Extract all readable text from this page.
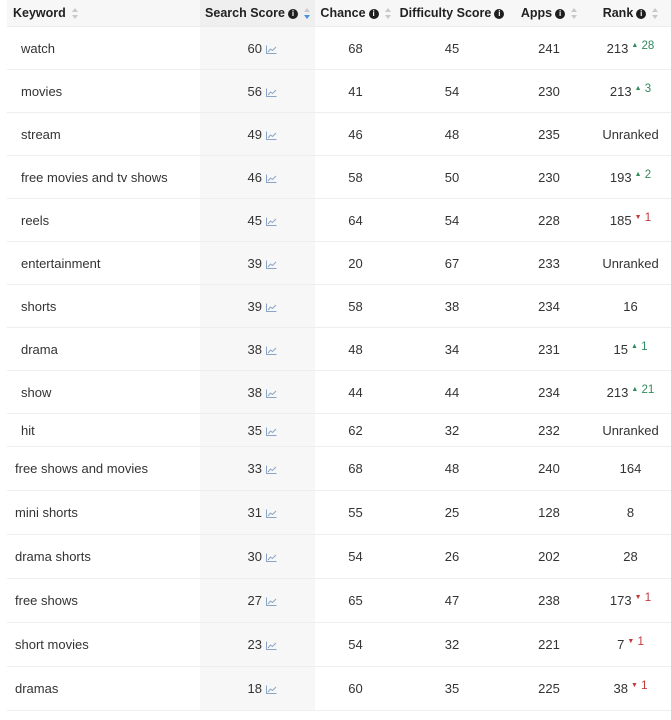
Keyword	Search Score i	Chance i	Difficulty Score i	Apps i	Rank i
watch	60	68	45	241	213 ▲ 28
movies	56	41	54	230	213 ▲ 3
stream	49	46	48	235	Unranked
free movies and tv shows	46	58	50	230	193 ▲ 2
reels	45	64	54	228	185 ▼ 1
entertainment	39	20	67	233	Unranked
shorts	39	58	38	234	16
drama	38	48	34	231	15 ▲ 1
show	38	44	44	234	213 ▲ 21
hit	35	62	32	232	Unranked
free shows and movies	33	68	48	240	164
mini shorts	31	55	25	128	8
drama shorts	30	54	26	202	28
free shows	27	65	47	238	173 ▼ 1
short movies	23	54	32	221	7 ▼ 1
dramas	18	60	35	225	38 ▼ 1
